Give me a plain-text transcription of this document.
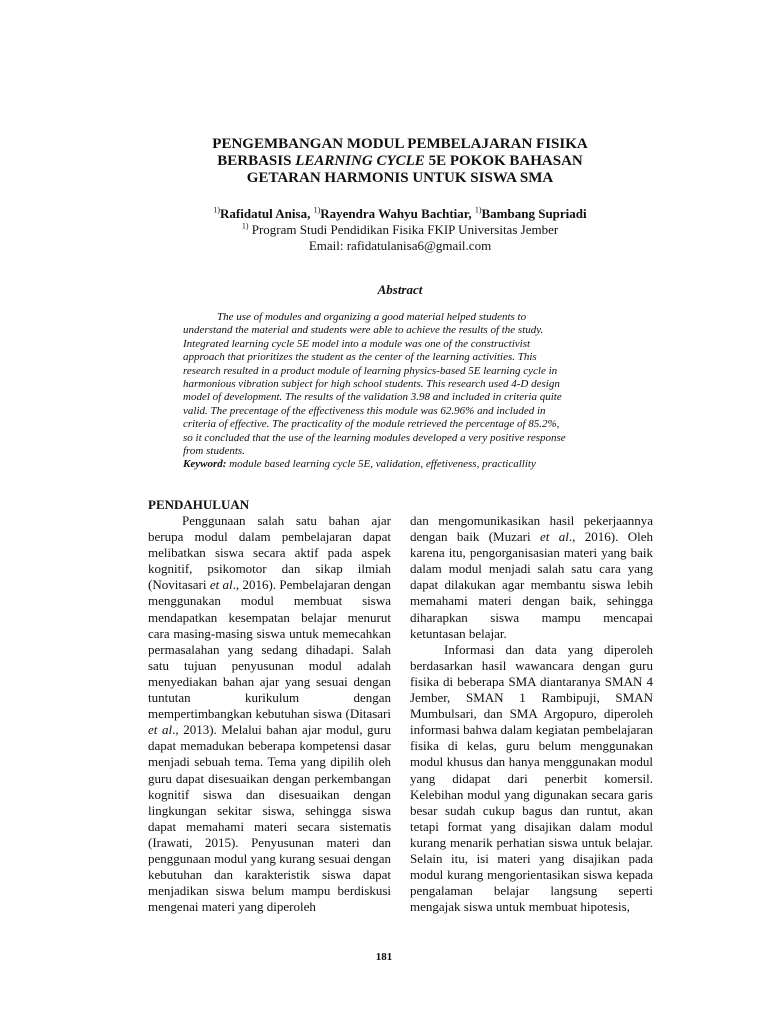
PENGEMBANGAN MODUL PEMBELAJARAN FISIKA
BERBASIS LEARNING CYCLE 5E POKOK BAHASAN
GETARAN HARMONIS UNTUK SISWA SMA
$^{1)}$Rafidatul Anisa, $^{1)}$Rayendra Wahyu Bachtiar, $^{1)}$Bambang Supriadi
$^{1)}$ Program Studi Pendidikan Fisika FKIP Universitas Jember
Email: rafidatulanisa6@gmail.com
Abstract
The use of modules and organizing a good material helped students to
understand the material and students were able to achieve the results of the study.
Integrated learning cycle 5E model into a module was one of the constructivist
approach that prioritizes the student as the center of the learning activities. This
research resulted in a product module of learning physics-based 5E learning cycle in
harmonious vibration subject for high school students. This research used 4-D design
model of development. The results of the validation 3.98 and included in criteria quite
valid. The precentage of the effectiveness this module was 62.96% and included in
criteria of effective. The practicality of the module retrieved the percentage of 85.2%,
so it concluded that the use of the learning modules developed a very positive response
from students.
Keyword: module based learning cycle 5E, validation, effetiveness, practicallity
PENDAHULUAN

Penggunaan salah satu bahan ajar berupa modul dalam pembelajaran dapat melibatkan siswa secara aktif pada aspek kognitif, psikomotor dan sikap ilmiah (Novitasari et al., 2016). Pembelajaran dengan menggunakan modul membuat siswa mendapatkan kesempatan belajar menurut cara masing-masing siswa untuk memecahkan permasalahan yang sedang dihadapi. Salah satu tujuan penyusunan modul adalah menyediakan bahan ajar yang sesuai dengan tuntutan kurikulum dengan mempertimbangkan kebutuhan siswa (Ditasari et al., 2013). Melalui bahan ajar modul, guru dapat memadukan beberapa kompetensi dasar menjadi sebuah tema. Tema yang dipilih oleh guru dapat disesuaikan dengan perkembangan kognitif siswa dan disesuaikan dengan lingkungan sekitar siswa, sehingga siswa dapat memahami materi secara sistematis (Irawati, 2015). Penyusunan materi dan penggunaan modul yang kurang sesuai dengan kebutuhan dan karakteristik siswa dapat menjadikan siswa belum mampu berdiskusi mengenai materi yang diperoleh

dan mengomunikasikan hasil pekerjaannya dengan baik (Muzari et al., 2016). Oleh karena itu, pengorganisasian materi yang baik dalam modul menjadi salah satu cara yang dapat dilakukan agar membantu siswa lebih memahami materi dengan baik, sehingga diharapkan siswa mampu mencapai ketuntasan belajar.

Informasi dan data yang diperoleh berdasarkan hasil wawancara dengan guru fisika di beberapa SMA diantaranya SMAN 4 Jember, SMAN 1 Rambipuji, SMAN Mumbulsari, dan SMA Argopuro, diperoleh informasi bahwa dalam kegiatan pembelajaran fisika di kelas, guru belum menggunakan modul khusus dan hanya menggunakan modul yang didapat dari penerbit komersil. Kelebihan modul yang digunakan secara garis besar sudah cukup bagus dan runtut, akan tetapi format yang disajikan dalam modul kurang menarik perhatian siswa untuk belajar. Selain itu, isi materi yang disajikan pada modul kurang mengorientasikan siswa kepada pengalaman belajar langsung seperti mengajak siswa untuk membuat hipotesis,

181
